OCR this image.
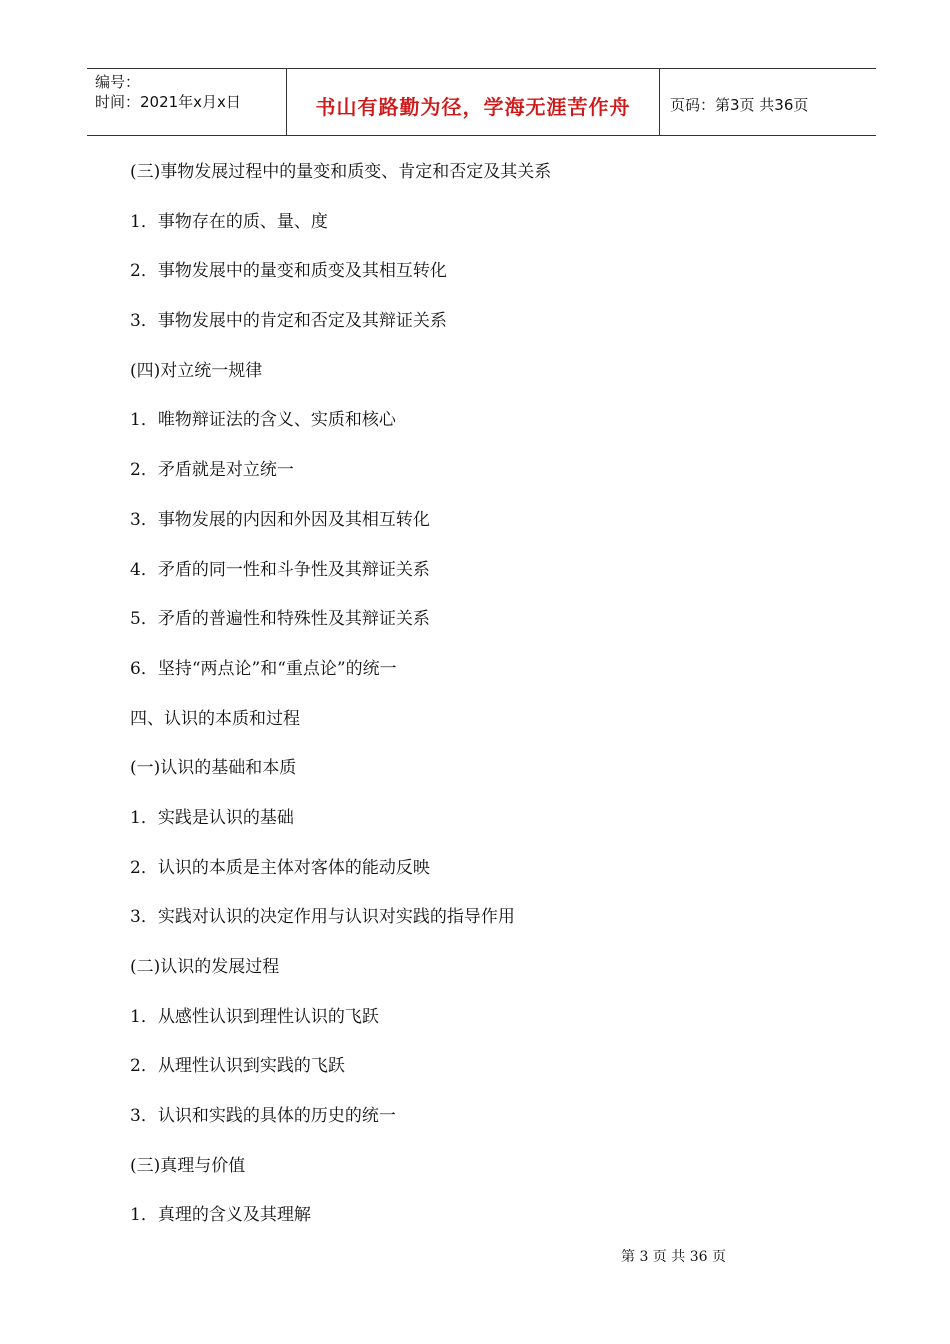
编号：
时间：2021年x月x日	书山有路勤为径，学海无涯苦作舟	页码：第3页 共36页
(三)事物发展过程中的量变和质变、肯定和否定及其关系
1．事物存在的质、量、度
2．事物发展中的量变和质变及其相互转化
3．事物发展中的肯定和否定及其辩证关系
(四)对立统一规律
1．唯物辩证法的含义、实质和核心
2．矛盾就是对立统一
3．事物发展的内因和外因及其相互转化
4．矛盾的同一性和斗争性及其辩证关系
5．矛盾的普遍性和特殊性及其辩证关系
6．坚持“两点论”和“重点论”的统一
四、认识的本质和过程
(一)认识的基础和本质
1．实践是认识的基础
2．认识的本质是主体对客体的能动反映
3．实践对认识的决定作用与认识对实践的指导作用
(二)认识的发展过程
1．从感性认识到理性认识的飞跃
2．从理性认识到实践的飞跃
3．认识和实践的具体的历史的统一
(三)真理与价值
1．真理的含义及其理解
第 3 页 共 36 页
